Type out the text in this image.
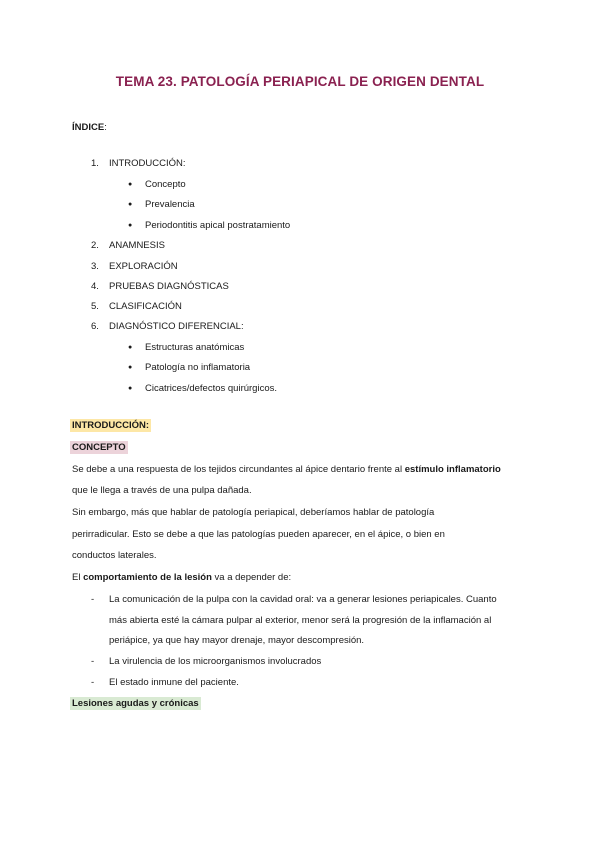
TEMA 23. PATOLOGÍA PERIAPICAL DE ORIGEN DENTAL
ÍNDICE:
1. INTRODUCCIÓN:
● Concepto
● Prevalencia
● Periodontitis apical postratamiento
2. ANAMNESIS
3. EXPLORACIÓN
4. PRUEBAS DIAGNÓSTICAS
5. CLASIFICACIÓN
6. DIAGNÓSTICO DIFERENCIAL:
● Estructuras anatómicas
● Patología no inflamatoria
● Cicatrices/defectos quirúrgicos.
INTRODUCCIÓN:
CONCEPTO
Se debe a una respuesta de los tejidos circundantes al ápice dentario frente al estímulo inflamatorio
que le llega a través de una pulpa dañada.
Sin embargo, más que hablar de patología periapical, deberíamos hablar de patología
perirradicular. Esto se debe a que las patologías pueden aparecer, en el ápice, o bien en
conductos laterales.
El comportamiento de la lesión va a depender de:
- La comunicación de la pulpa con la cavidad oral: va a generar lesiones periapicales. Cuanto
más abierta esté la cámara pulpar al exterior, menor será la progresión de la inflamación al
periápice, ya que hay mayor drenaje, mayor descompresión.
- La virulencia de los microorganismos involucrados
- El estado inmune del paciente.
Lesiones agudas y crónicas
